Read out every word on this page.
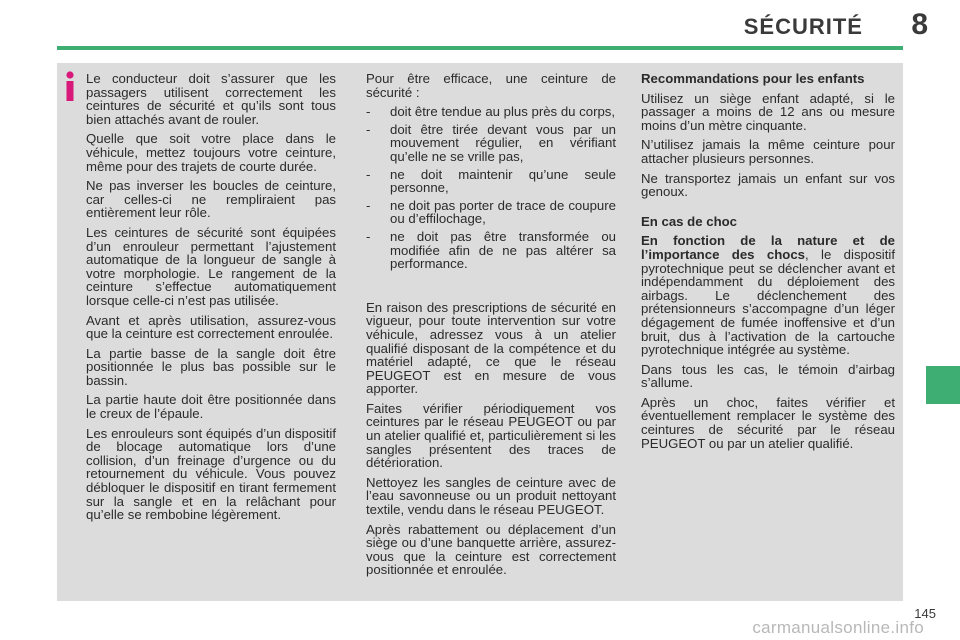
SÉCURITÉ 8

Le conducteur doit s’assurer que les passagers utilisent correctement les ceintures de sécurité et qu’ils sont tous bien attachés avant de rouler.

Quelle que soit votre place dans le véhicule, mettez toujours votre ceinture, même pour des trajets de courte durée.

Ne pas inverser les boucles de ceinture, car celles-ci ne rempliraient pas entièrement leur rôle.

Les ceintures de sécurité sont équipées d’un enrouleur permettant l’ajustement automatique de la longueur de sangle à votre morphologie. Le rangement de la ceinture s’effectue automatiquement lorsque celle-ci n’est pas utilisée.

Avant et après utilisation, assurez-vous que la ceinture est correctement enroulée.

La partie basse de la sangle doit être positionnée le plus bas possible sur le bassin.

La partie haute doit être positionnée dans le creux de l’épaule.

Les enrouleurs sont équipés d’un dispositif de blocage automatique lors d’une collision, d’un freinage d’urgence ou du retournement du véhicule. Vous pouvez débloquer le dispositif en tirant fermement sur la sangle et en la relâchant pour qu’elle se rembobine légèrement.

Pour être efficace, une ceinture de sécurité :

- doit être tendue au plus près du corps,
- doit être tirée devant vous par un mouvement régulier, en vérifiant qu’elle ne se vrille pas,
- ne doit maintenir qu’une seule personne,
- ne doit pas porter de trace de coupure ou d’effilochage,
- ne doit pas être transformée ou modifiée afin de ne pas altérer sa performance.

En raison des prescriptions de sécurité en vigueur, pour toute intervention sur votre véhicule, adressez vous à un atelier qualifié disposant de la compétence et du matériel adapté, ce que le réseau PEUGEOT est en mesure de vous apporter.

Faites vérifier périodiquement vos ceintures par le réseau PEUGEOT ou par un atelier qualifié et, particulièrement si les sangles présentent des traces de détérioration.

Nettoyez les sangles de ceinture avec de l’eau savonneuse ou un produit nettoyant textile, vendu dans le réseau PEUGEOT.

Après rabattement ou déplacement d’un siège ou d’une banquette arrière, assurez-vous que la ceinture est correctement positionnée et enroulée.

Recommandations pour les enfants

Utilisez un siège enfant adapté, si le passager a moins de 12 ans ou mesure moins d’un mètre cinquante.

N’utilisez jamais la même ceinture pour attacher plusieurs personnes.

Ne transportez jamais un enfant sur vos genoux.

En cas de choc

En fonction de la nature et de l’importance des chocs, le dispositif pyrotechnique peut se déclencher avant et indépendamment du déploiement des airbags. Le déclenchement des prétensionneurs s’accompagne d’un léger dégagement de fumée inoffensive et d’un bruit, dus à l’activation de la cartouche pyrotechnique intégrée au système.

Dans tous les cas, le témoin d’airbag s’allume.

Après un choc, faites vérifier et éventuellement remplacer le système des ceintures de sécurité par le réseau PEUGEOT ou par un atelier qualifié.

145
carmanualsonline.info
